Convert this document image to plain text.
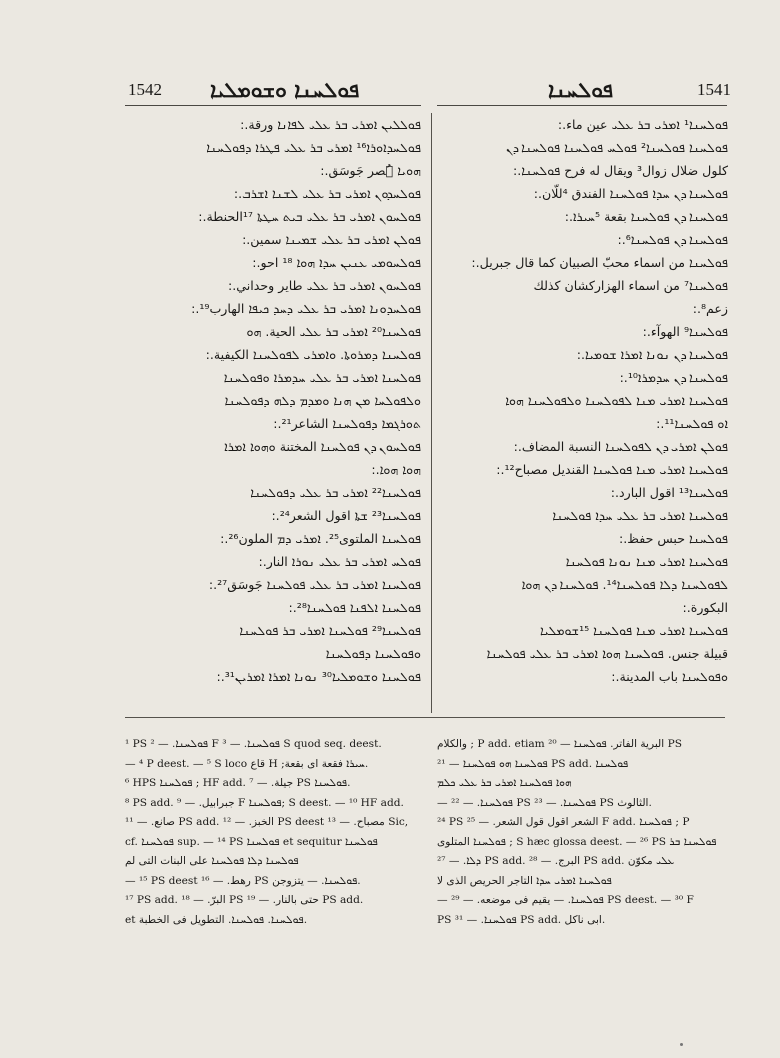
1542 ܦܘܠܚܢܐ ܘܫܘܡܠܝܐ	ܦܘܠܚܢܐ	1541
ܦܘܠܠܝܢ ܐܡܪܝ ܒܪ ܥܠܝ ܠܦܐܢܐ ورقة.:
ܦܘܠܚܕܐܘܪܐ¹⁶ ܐܡܪܝ ܒܪ ܥܠܝ ܦܛܪܐ ܕܦܘܠܚܢܐ
ܗܘܝܐ ܢُصر جَوسَق.:
ܦܘܠܚܕܘܢ ܐܡܪܝ ܒܪ ܥܠܝ ܠܫܢܐ ܐܫܪܒ.:
ܦܘܠܚܘܢ ܐܡܪܝ ܒܪ ܥܠܝ ܒܝܬ ܚܛܬܐ ¹⁷الحنطة.:
ܦܘܠܢ ܐܡܪܝ ܒܪ ܥܠܝ ܫܡܝܢܐ سمين.:
ܦܘܠܚܘܡܝ ܥܢܝܢ ܚܕܐ ܗܘܐ ¹⁸ احو.:
ܦܘܠܚܘܢ ܐܡܪܝ ܒܪ ܥܠܝ طاير وحداني.:
ܦܘܠܚܕܘܢܐ ܐܡܪܝ ܒܪ ܥܠܝ ܕܚܕ ܟܝܦܐ الهارب¹⁹.:
ܦܘܠܚܢܐ²⁰ ܐܡܪܝ ܒܪ ܥܠܝ الحية. ܗܘ
ܦܘܠܚܢܐ ܕܡܪܘܬܐ. ܘܐܡܪܝ ܠܦܘܠܚܢܐ الكيفية.:
ܦܘܠܚܢܐ ܐܡܪܝ ܒܪ ܥܠܝ ܚܕܡܪܐ ܘܦܘܠܚܢܐ
ܘܠܦܘܠܚܐ ܡܢ ܗܢܐ ܘܡܕܡ ܕܠܗ ܕܦܘܠܚܢܐ
ܬܘܪܓܡܐ ܕܦܘܠܚܢܐ الشاعر²¹.:
ܦܘܠܚܘܢ ܕܢ ܦܘܠܚܢܐ المختنة ܘܗܘܐ ܐܡܪܐ
ܗܘܐ ܗܘܐ.:
ܦܘܠܚܢܐ²² ܐܡܪܝ ܒܪ ܥܠܝ ܕܦܘܠܚܢܐ
ܦܘܠܚܢܐ²³ ܫܬܐ اقول الشعر²⁴.:
ܦܘܠܚܢܐ الملتوى²⁵. ܐܡܪܝ ܕܡ الملون²⁶.:
ܦܘܠܚ ܐܡܪܝ ܒܪ ܥܠܝ ܢܘܪܐ النار.:
ܦܘܠܚܢܐ ܐܡܪܝ ܒܪ ܥܠܝ ܦܘܠܚܢܐ جَوسَق²⁷.:
ܦܘܠܚܢܐ ܐܠܦܢܐ ܦܘܠܚܢܐ²⁸.:
ܦܘܠܚܢܐ²⁹ ܦܘܠܚܢܐ ܐܡܪܝ ܒܪ ܦܘܠܚܢܐ
ܘܦܘܠܚܢܐ ܕܦܘܠܚܢܐ
ܦܘܠܚܢܐ ܘܫܘܡܠܝܐ³⁰ ܢܘܢܐ ܐܡܪܐ ܐܡܪܝܢ³¹.:
ܦܘܠܚܢܐ¹ ܐܡܪܝ ܒܪ ܥܠܝ عين ماء.:
ܦܘܠܚܢܐ ܦܘܠܚܢܐ² ܦܘܠܚ ܦܘܠܚܢܐ ܦܘܠܚܢܐ ܕܢ
كلول ضلال زوال³ ويقال له فرح ܦܘܠܚܢܐ.:
ܦܘܠܚܢܐ ܕܢ ܚܕܐ ܦܘܠܚܢܐ الفندق ⁴للّان.:
ܦܘܠܚܢܐ ܕܢ ܦܘܠܚܢܐ بقعة ⁵ܚܝܪܐ.:
ܦܘܠܚܢܐ ܕܢ ܦܘܠܚܢܐ⁶.:
ܦܘܠܚܢܐ من اسماء محبّ الصبيان كما قال جبريل.:
ܦܘܠܚܢܐ⁷ من اسماء الهزاركشان كذلك
زعم⁸.:
ܦܘܠܚܢܐ⁹ الهوآء.:
ܦܘܠܚܢܐ ܕܢ ܢܘܢܐ ܐܡܪܐ ܫܘܡܝܐ.:
ܦܘܠܚܢܐ ܕܢ ܚܕܡܪܐ¹⁰.:
ܦܘܠܚܢܐ ܐܡܪܝ ܡܢܐ ܠܦܘܠܚܢܐ ܘܠܦܘܠܚܢܐ ܗܘܐ
ܐܘ ܦܘܠܚܢܐ¹¹.:
ܦܘܠܢ ܐܡܪܝ ܕܢ ܠܦܘܠܚܢܐ النسبة المضاف.:
ܦܘܠܚܢܐ ܐܡܪܝ ܡܢܐ ܦܘܠܚܢܐ القنديل مصباح¹².:
ܦܘܠܚܢܐ¹³ اقول البارد.:
ܦܘܠܚܢܐ ܐܡܪܝ ܒܪ ܥܠܝ ܚܕܐ ܦܘܠܚܢܐ
ܦܘܠܚܢܐ حبس حفظ.:
ܦܘܠܚܢܐ ܐܡܪܝ ܡܢܐ ܢܘܢܐ ܦܘܠܚܢܐ
ܠܦܘܠܚܢܐ ܕܠܐ ܦܘܠܚܢܐ¹⁴. ܦܘܠܚܢܐ ܕܢ ܗܘܐ
البكورة.:
ܦܘܠܚܢܐ ܐܡܪܝ ܡܢܐ ܦܘܠܚܢܐ ¹⁵ܫܘܡܠܝܐ
قبيلة جنس. ܦܘܠܚܢܐ ܗܘܐ ܐܡܪܝ ܒܪ ܥܠܝ ܦܘܠܚܢܐ
ܘܦܘܠܚܢܐ باب المدينة.:
¹ PS ܦܘܠܚܢܐ. — ² F ܦܘܠܚܢܐ. — ³ S quod seq. deest.
— ⁴ P deest. — ⁵ S loco قاع H ;ܚܝܪܐ فقعة اى بقعة.
⁶ HPS ܦܘܠܚܢܐ ; HF add. جيلة. — ⁷ PS ܦܘܠܚܢܐ.
⁸ PS add. جبرابيل. — ⁹ F ܦܘܠܚܢܐ; S deest. — ¹⁰ HF add.
صانع. — ¹¹ PS add. الخبز. — ¹² PS deest مصباح. — ¹³ Sic,
cf. ܦܘܠܚܢܐ sup. — ¹⁴ PS ܦܘܠܚܢܐ et sequitur ܦܘܠܚܢܐ
ܦܘܠܚܢܐ ܕܠܐ ܦܘܠܚܢܐ على البنات التى لم
— ¹⁵ PS deest رهط. — ¹⁶ PS ܦܘܠܚܢܐ. — يتزوجن.
¹⁷ PS add. البرّ. — ¹⁸ PS حتى بالنار. — ¹⁹ PS add.
et ܦܘܠܚܢܐ. ܦܘܠܚܢܐ. التطويل فى الخطبة.
والكلام ; P add. etiam البرية الفاتر. ܦܘܠܚܢܐ — ²⁰ PS
ܦܘܠܚܢܐ ܗܘ ܦܘܠܚܢܐ — ²¹ PS add. ܦܘܠܚܢܐ
ܗܘܐ ܦܘܠܚܢܐ ܐܡܪܝ ܒܪ ܥܠܝ ܟܠܡ
— ܦܘܠܚܢܐ. — ²² PS ܦܘܠܚܢܐ. — ²³ PS الثالوث.
²⁴ PS الشعر اقول قول الشعر. — ²⁵ F add. ܦܘܠܚܢܐ ; P
ܦܘܠܚܢܐ المتلوى ; S hæc glossa deest. — ²⁶ PS ܦܘܠܚܢܐ ܒܪ
ܕܠܐ. — ²⁷ PS add. البرج. — ²⁸ PS add. ܥܠܝ مكوّن
ܦܘܠܚܢܐ ܐܡܪܝ ܚܕܐ التاجر الحريص الذى لا
— ܦܘܠܚܢܐ. — يقيم فى موضعه. — ²⁹ PS deest. — ³⁰ F
PS ܦܘܠܚܢܐ. — ³¹ PS add. ابى ناكل.
